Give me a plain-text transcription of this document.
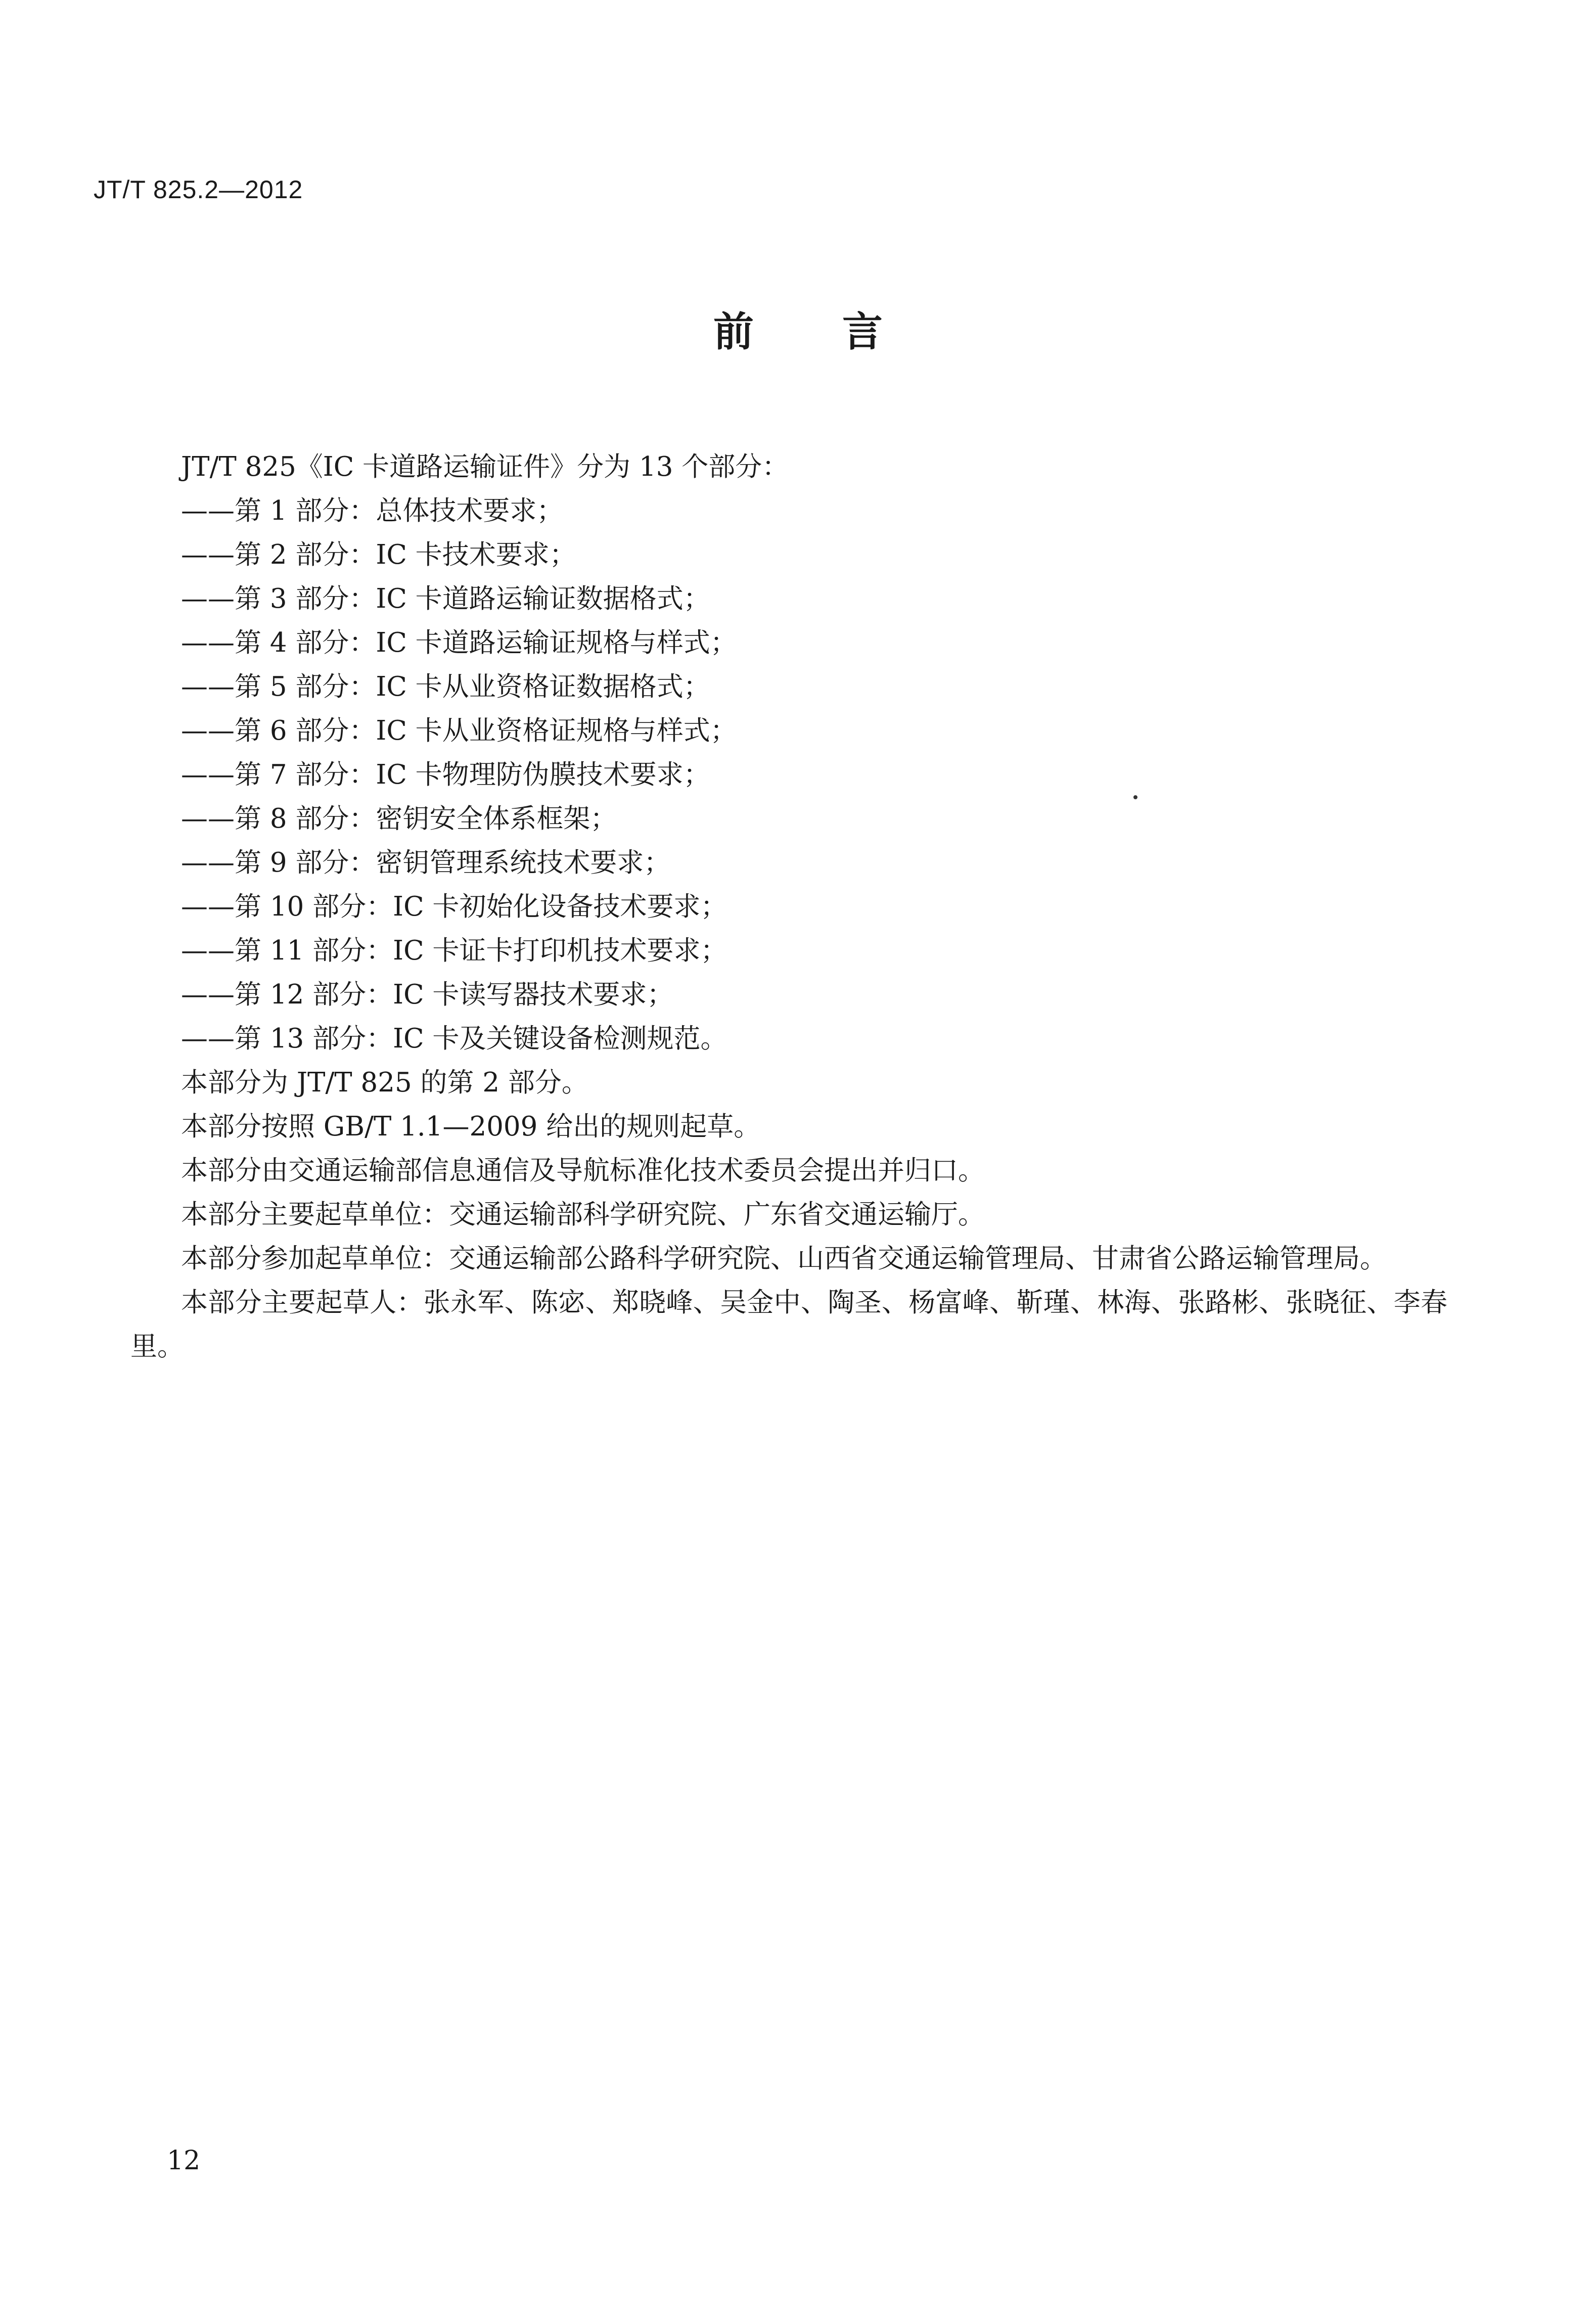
JT/T 825.2—2012
前言
JT/T 825《IC 卡道路运输证件》分为 13 个部分：
——第 1 部分：总体技术要求；
——第 2 部分：IC 卡技术要求；
——第 3 部分：IC 卡道路运输证数据格式；
——第 4 部分：IC 卡道路运输证规格与样式；
——第 5 部分：IC 卡从业资格证数据格式；
——第 6 部分：IC 卡从业资格证规格与样式；
——第 7 部分：IC 卡物理防伪膜技术要求；
——第 8 部分：密钥安全体系框架；
——第 9 部分：密钥管理系统技术要求；
——第 10 部分：IC 卡初始化设备技术要求；
——第 11 部分：IC 卡证卡打印机技术要求；
——第 12 部分：IC 卡读写器技术要求；
——第 13 部分：IC 卡及关键设备检测规范。
本部分为 JT/T 825 的第 2 部分。
本部分按照 GB/T 1.1—2009 给出的规则起草。
本部分由交通运输部信息通信及导航标准化技术委员会提出并归口。
本部分主要起草单位：交通运输部科学研究院、广东省交通运输厅。
本部分参加起草单位：交通运输部公路科学研究院、山西省交通运输管理局、甘肃省公路运输管理局。
本部分主要起草人：张永军、陈宓、郑晓峰、吴金中、陶圣、杨富峰、靳瑾、林海、张路彬、张晓征、李春里。
12
